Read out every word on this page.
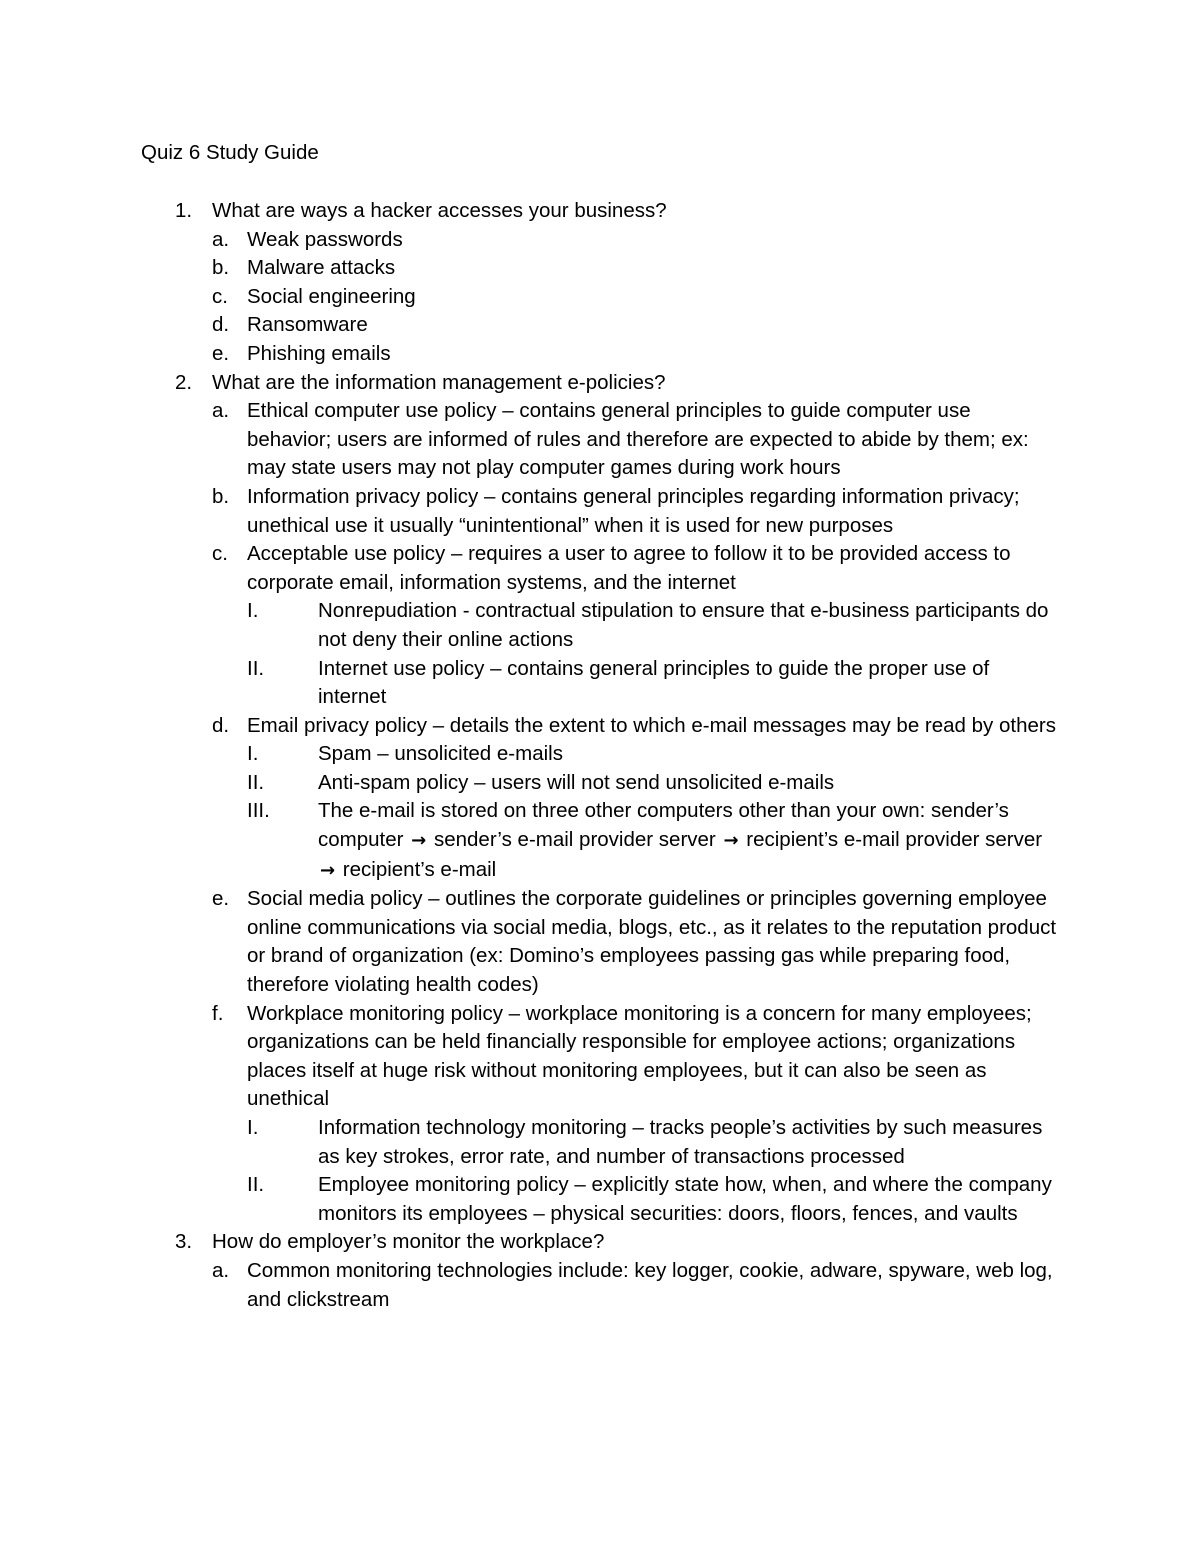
Quiz 6 Study Guide
1. What are ways a hacker accesses your business?
a. Weak passwords
b. Malware attacks
c. Social engineering
d. Ransomware
e. Phishing emails
2. What are the information management e-policies?
a. Ethical computer use policy – contains general principles to guide computer use behavior; users are informed of rules and therefore are expected to abide by them; ex: may state users may not play computer games during work hours
b. Information privacy policy – contains general principles regarding information privacy; unethical use it usually “unintentional” when it is used for new purposes
c. Acceptable use policy – requires a user to agree to follow it to be provided access to corporate email, information systems, and the internet
I.	Nonrepudiation - contractual stipulation to ensure that e-business participants do not deny their online actions
II.	Internet use policy – contains general principles to guide the proper use of internet
d. Email privacy policy – details the extent to which e-mail messages may be read by others
I.	Spam – unsolicited e-mails
II.	Anti-spam policy – users will not send unsolicited e-mails
III.	The e-mail is stored on three other computers other than your own: sender’s computer → sender’s e-mail provider server → recipient’s e-mail provider server → recipient’s e-mail
e. Social media policy – outlines the corporate guidelines or principles governing employee online communications via social media, blogs, etc., as it relates to the reputation product or brand of organization (ex: Domino’s employees passing gas while preparing food, therefore violating health codes)
f.	Workplace monitoring policy – workplace monitoring is a concern for many employees; organizations can be held financially responsible for employee actions; organizations places itself at huge risk without monitoring employees, but it can also be seen as unethical
I.	Information technology monitoring – tracks people’s activities by such measures as key strokes, error rate, and number of transactions processed
II.	Employee monitoring policy – explicitly state how, when, and where the company monitors its employees – physical securities: doors, floors, fences, and vaults
3. How do employer’s monitor the workplace?
a. Common monitoring technologies include: key logger, cookie, adware, spyware, web log, and clickstream
